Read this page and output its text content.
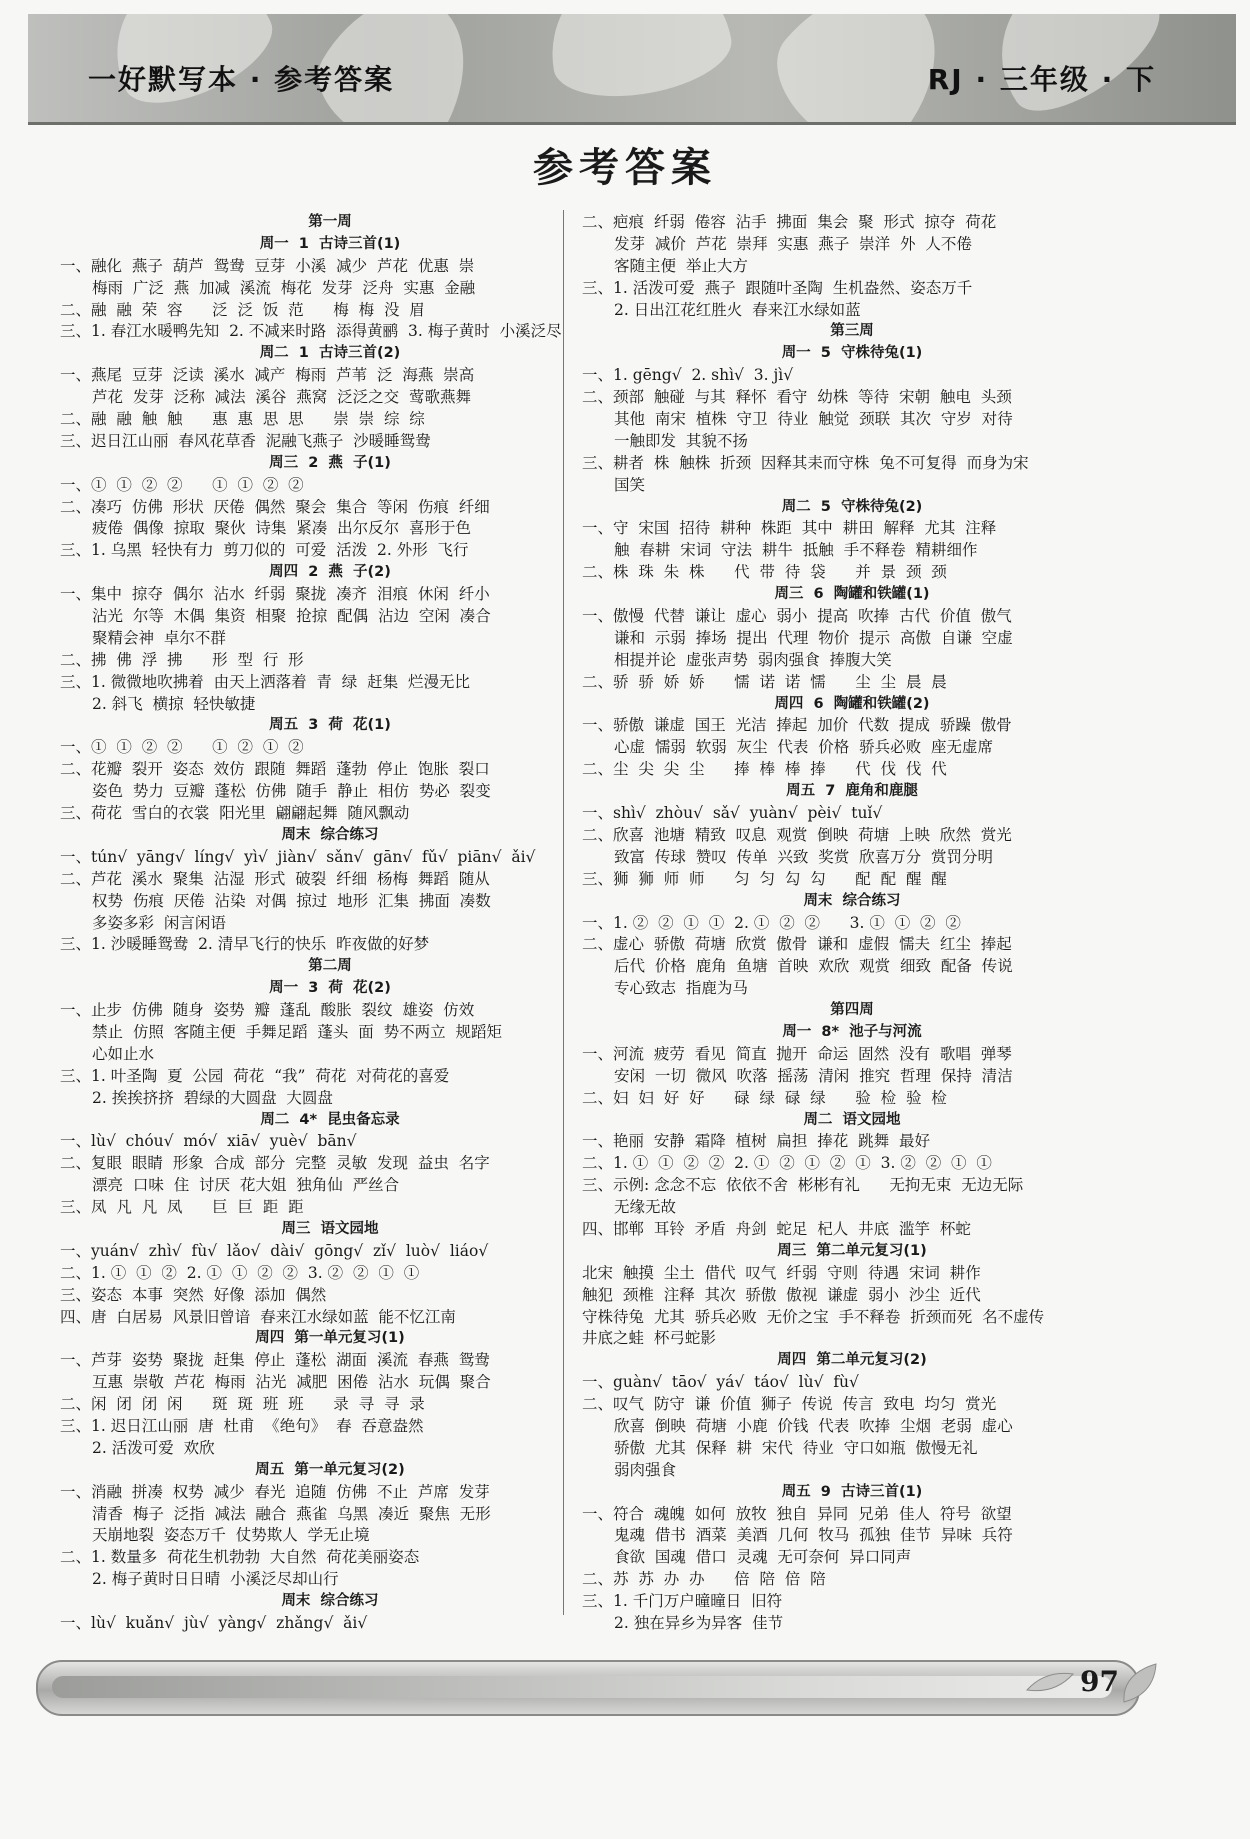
一好默写本 · 参考答案	RJ · 三年级 · 下
参考答案
第一周
周一  1  古诗三首(1)
一、融化  燕子  葫芦  鸳鸯  豆芽  小溪  减少  芦花  优惠  崇
梅雨  广泛  燕  加减  溪流  梅花  发芽  泛舟  实惠  金融
二、融  融  荣  容      泛  泛  饭  范      梅  梅  没  眉
三、1. 春江水暖鸭先知  2. 不减来时路  添得黄鹂  3. 梅子黄时  小溪泛尽
周二  1  古诗三首(2)
一、燕尾  豆芽  泛读  溪水  减产  梅雨  芦苇  泛  海燕  崇高
芦花  发芽  泛称  减法  溪谷  燕窝  泛泛之交  莺歌燕舞
二、融  融  触  触      惠  惠  思  思      崇  崇  综  综
三、迟日江山丽  春风花草香  泥融飞燕子  沙暖睡鸳鸯
周三  2  燕  子(1)
一、①  ①  ②  ②      ①  ①  ②  ②
二、凑巧  仿佛  形状  厌倦  偶然  聚会  集合  等闲  伤痕  纤细
疲倦  偶像  掠取  聚伙  诗集  紧凑  出尔反尔  喜形于色
三、1. 乌黑  轻快有力  剪刀似的  可爱  活泼  2. 外形  飞行
周四  2  燕  子(2)
一、集中  掠夺  偶尔  沾水  纤弱  聚拢  凑齐  泪痕  休闲  纤小
沾光  尔等  木偶  集资  相聚  抢掠  配偶  沾边  空闲  凑合
聚精会神  卓尔不群
二、拂  佛  浮  拂      形  型  行  形
三、1. 微微地吹拂着  由天上洒落着  青  绿  赶集  烂漫无比
2. 斜飞  横掠  轻快敏捷
周五  3  荷  花(1)
一、①  ①  ②  ②      ①  ②  ①  ②
二、花瓣  裂开  姿态  效仿  跟随  舞蹈  蓬勃  停止  饱胀  裂口
姿色  势力  豆瓣  蓬松  仿佛  随手  静止  相仿  势必  裂变
三、荷花  雪白的衣裳  阳光里  翩翩起舞  随风飘动
周末  综合练习
一、tún√  yāng√  líng√  yì√  jiàn√  sǎn√  gān√  fǔ√  piān√  ǎi√
二、芦花  溪水  聚集  沾湿  形式  破裂  纤细  杨梅  舞蹈  随从
权势  伤痕  厌倦  沾染  对偶  掠过  地形  汇集  拂面  凑数
多姿多彩  闲言闲语
三、1. 沙暖睡鸳鸯  2. 清早飞行的快乐  昨夜做的好梦
第二周
周一  3  荷  花(2)
一、止步  仿佛  随身  姿势  瓣  蓬乱  酸胀  裂纹  雄姿  仿效
禁止  仿照  客随主便  手舞足蹈  蓬头  面  势不两立  规蹈矩
心如止水
三、1. 叶圣陶  夏  公园  荷花  “我”  荷花  对荷花的喜爱
2. 挨挨挤挤  碧绿的大圆盘  大圆盘
周二  4*  昆虫备忘录
一、lù√  chóu√  mó√  xiā√  yuè√  bān√
二、复眼  眼睛  形象  合成  部分  完整  灵敏  发现  益虫  名字
漂亮  口味  住  讨厌  花大姐  独角仙  严丝合
三、凤  凡  凡  凤      巨  巨  距  距
周三  语文园地
一、yuán√  zhì√  fù√  lǎo√  dài√  gōng√  zǐ√  luò√  liáo√
二、1. ①  ①  ②  2. ①  ①  ②  ②  3. ②  ②  ①  ①
三、姿态  本事  突然  好像  添加  偶然
四、唐  白居易  风景旧曾谙  春来江水绿如蓝  能不忆江南
周四  第一单元复习(1)
一、芦芽  姿势  聚拢  赶集  停止  蓬松  湖面  溪流  春燕  鸳鸯
互惠  崇敬  芦花  梅雨  沾光  减肥  困倦  沾水  玩偶  聚合
二、闲  闭  闭  闲      斑  斑  班  班      录  寻  寻  录
三、1. 迟日江山丽  唐  杜甫  《绝句》  春  吞意盎然
2. 活泼可爱  欢欣
周五  第一单元复习(2)
一、消融  拼凑  权势  减少  春光  追随  仿佛  不止  芦席  发芽
清香  梅子  泛指  减法  融合  燕雀  乌黑  凑近  聚焦  无形
天崩地裂  姿态万千  仗势欺人  学无止境
二、1. 数量多  荷花生机勃勃  大自然  荷花美丽姿态
2. 梅子黄时日日晴  小溪泛尽却山行
周末  综合练习
一、lù√  kuǎn√  jù√  yàng√  zhǎng√  ǎi√
二、疤痕  纤弱  倦容  沾手  拂面  集会  聚  形式  掠夺  荷花
发芽  减价  芦花  崇拜  实惠  燕子  崇洋  外  人不倦
客随主便  举止大方
三、1. 活泼可爱  燕子  跟随叶圣陶  生机盎然、姿态万千
2. 日出江花红胜火  春来江水绿如蓝
第三周
周一  5  守株待兔(1)
一、1. gēng√  2. shì√  3. jì√
二、颈部  触碰  与其  释怀  看守  幼株  等待  宋朝  触电  头颈
其他  南宋  植株  守卫  待业  触觉  颈联  其次  守岁  对待
一触即发  其貌不扬
三、耕者  株  触株  折颈  因释其耒而守株  兔不可复得  而身为宋
国笑
周二  5  守株待兔(2)
一、守  宋国  招待  耕种  株距  其中  耕田  解释  尤其  注释
触  春耕  宋词  守法  耕牛  抵触  手不释卷  精耕细作
二、株  珠  朱  株      代  带  待  袋      并  景  颈  颈
周三  6  陶罐和铁罐(1)
一、傲慢  代替  谦让  虚心  弱小  提高  吹捧  古代  价值  傲气
谦和  示弱  捧场  提出  代理  物价  提示  高傲  自谦  空虚
相提并论  虚张声势  弱肉强食  捧腹大笑
二、骄  骄  娇  娇      懦  诺  诺  懦      尘  尘  晨  晨
周四  6  陶罐和铁罐(2)
一、骄傲  谦虚  国王  光洁  捧起  加价  代数  提成  骄躁  傲骨
心虚  懦弱  软弱  灰尘  代表  价格  骄兵必败  座无虚席
二、尘  尖  尖  尘      捧  棒  棒  捧      代  伐  伐  代
周五  7  鹿角和鹿腿
一、shì√  zhòu√  sǎ√  yuàn√  pèi√  tuǐ√
二、欣喜  池塘  精致  叹息  观赏  倒映  荷塘  上映  欣然  赏光
致富  传球  赞叹  传单  兴致  奖赏  欣喜万分  赏罚分明
三、狮  狮  师  师      匀  匀  勾  勾      配  配  醒  醒
周末  综合练习
一、1. ②  ②  ①  ①  2. ①  ②  ②      3. ①  ①  ②  ②
二、虚心  骄傲  荷塘  欣赏  傲骨  谦和  虚假  懦夫  红尘  捧起
后代  价格  鹿角  鱼塘  首映  欢欣  观赏  细致  配备  传说
专心致志  指鹿为马
第四周
周一  8*  池子与河流
一、河流  疲劳  看见  简直  抛开  命运  固然  没有  歌唱  弹琴
安闲  一切  微风  吹落  摇荡  清闲  推究  哲理  保持  清洁
二、妇  妇  好  好      碌  绿  碌  绿      验  检  验  检
周二  语文园地
一、艳丽  安静  霜降  植树  扁担  捧花  跳舞  最好
二、1. ①  ①  ②  ②  2. ①  ②  ①  ②  ①  3. ②  ②  ①  ①
三、示例: 念念不忘  依依不舍  彬彬有礼      无拘无束  无边无际
无缘无故
四、邯郸  耳铃  矛盾  舟剑  蛇足  杞人  井底  滥竽  杯蛇
周三  第二单元复习(1)
北宋  触摸  尘土  借代  叹气  纤弱  守则  待遇  宋词  耕作
触犯  颈椎  注释  其次  骄傲  傲视  谦虚  弱小  沙尘  近代
守株待兔  尤其  骄兵必败  无价之宝  手不释卷  折颈而死  名不虚传
井底之蛙  杯弓蛇影
周四  第二单元复习(2)
一、guàn√  tāo√  yá√  táo√  lù√  fù√
二、叹气  防守  谦  价值  狮子  传说  传言  致电  均匀  赏光
欣喜  倒映  荷塘  小鹿  价钱  代表  吹捧  尘烟  老弱  虚心
骄傲  尤其  保释  耕  宋代  待业  守口如瓶  傲慢无礼
弱肉强食
周五  9  古诗三首(1)
一、符合  魂魄  如何  放牧  独自  异同  兄弟  佳人  符号  欲望
鬼魂  借书  酒菜  美酒  几何  牧马  孤独  佳节  异味  兵符
食欲  国魂  借口  灵魂  无可奈何  异口同声
二、苏  苏  办  办      倍  陪  倍  陪
三、1. 千门万户曈曈日  旧符
2. 独在异乡为异客  佳节
97
